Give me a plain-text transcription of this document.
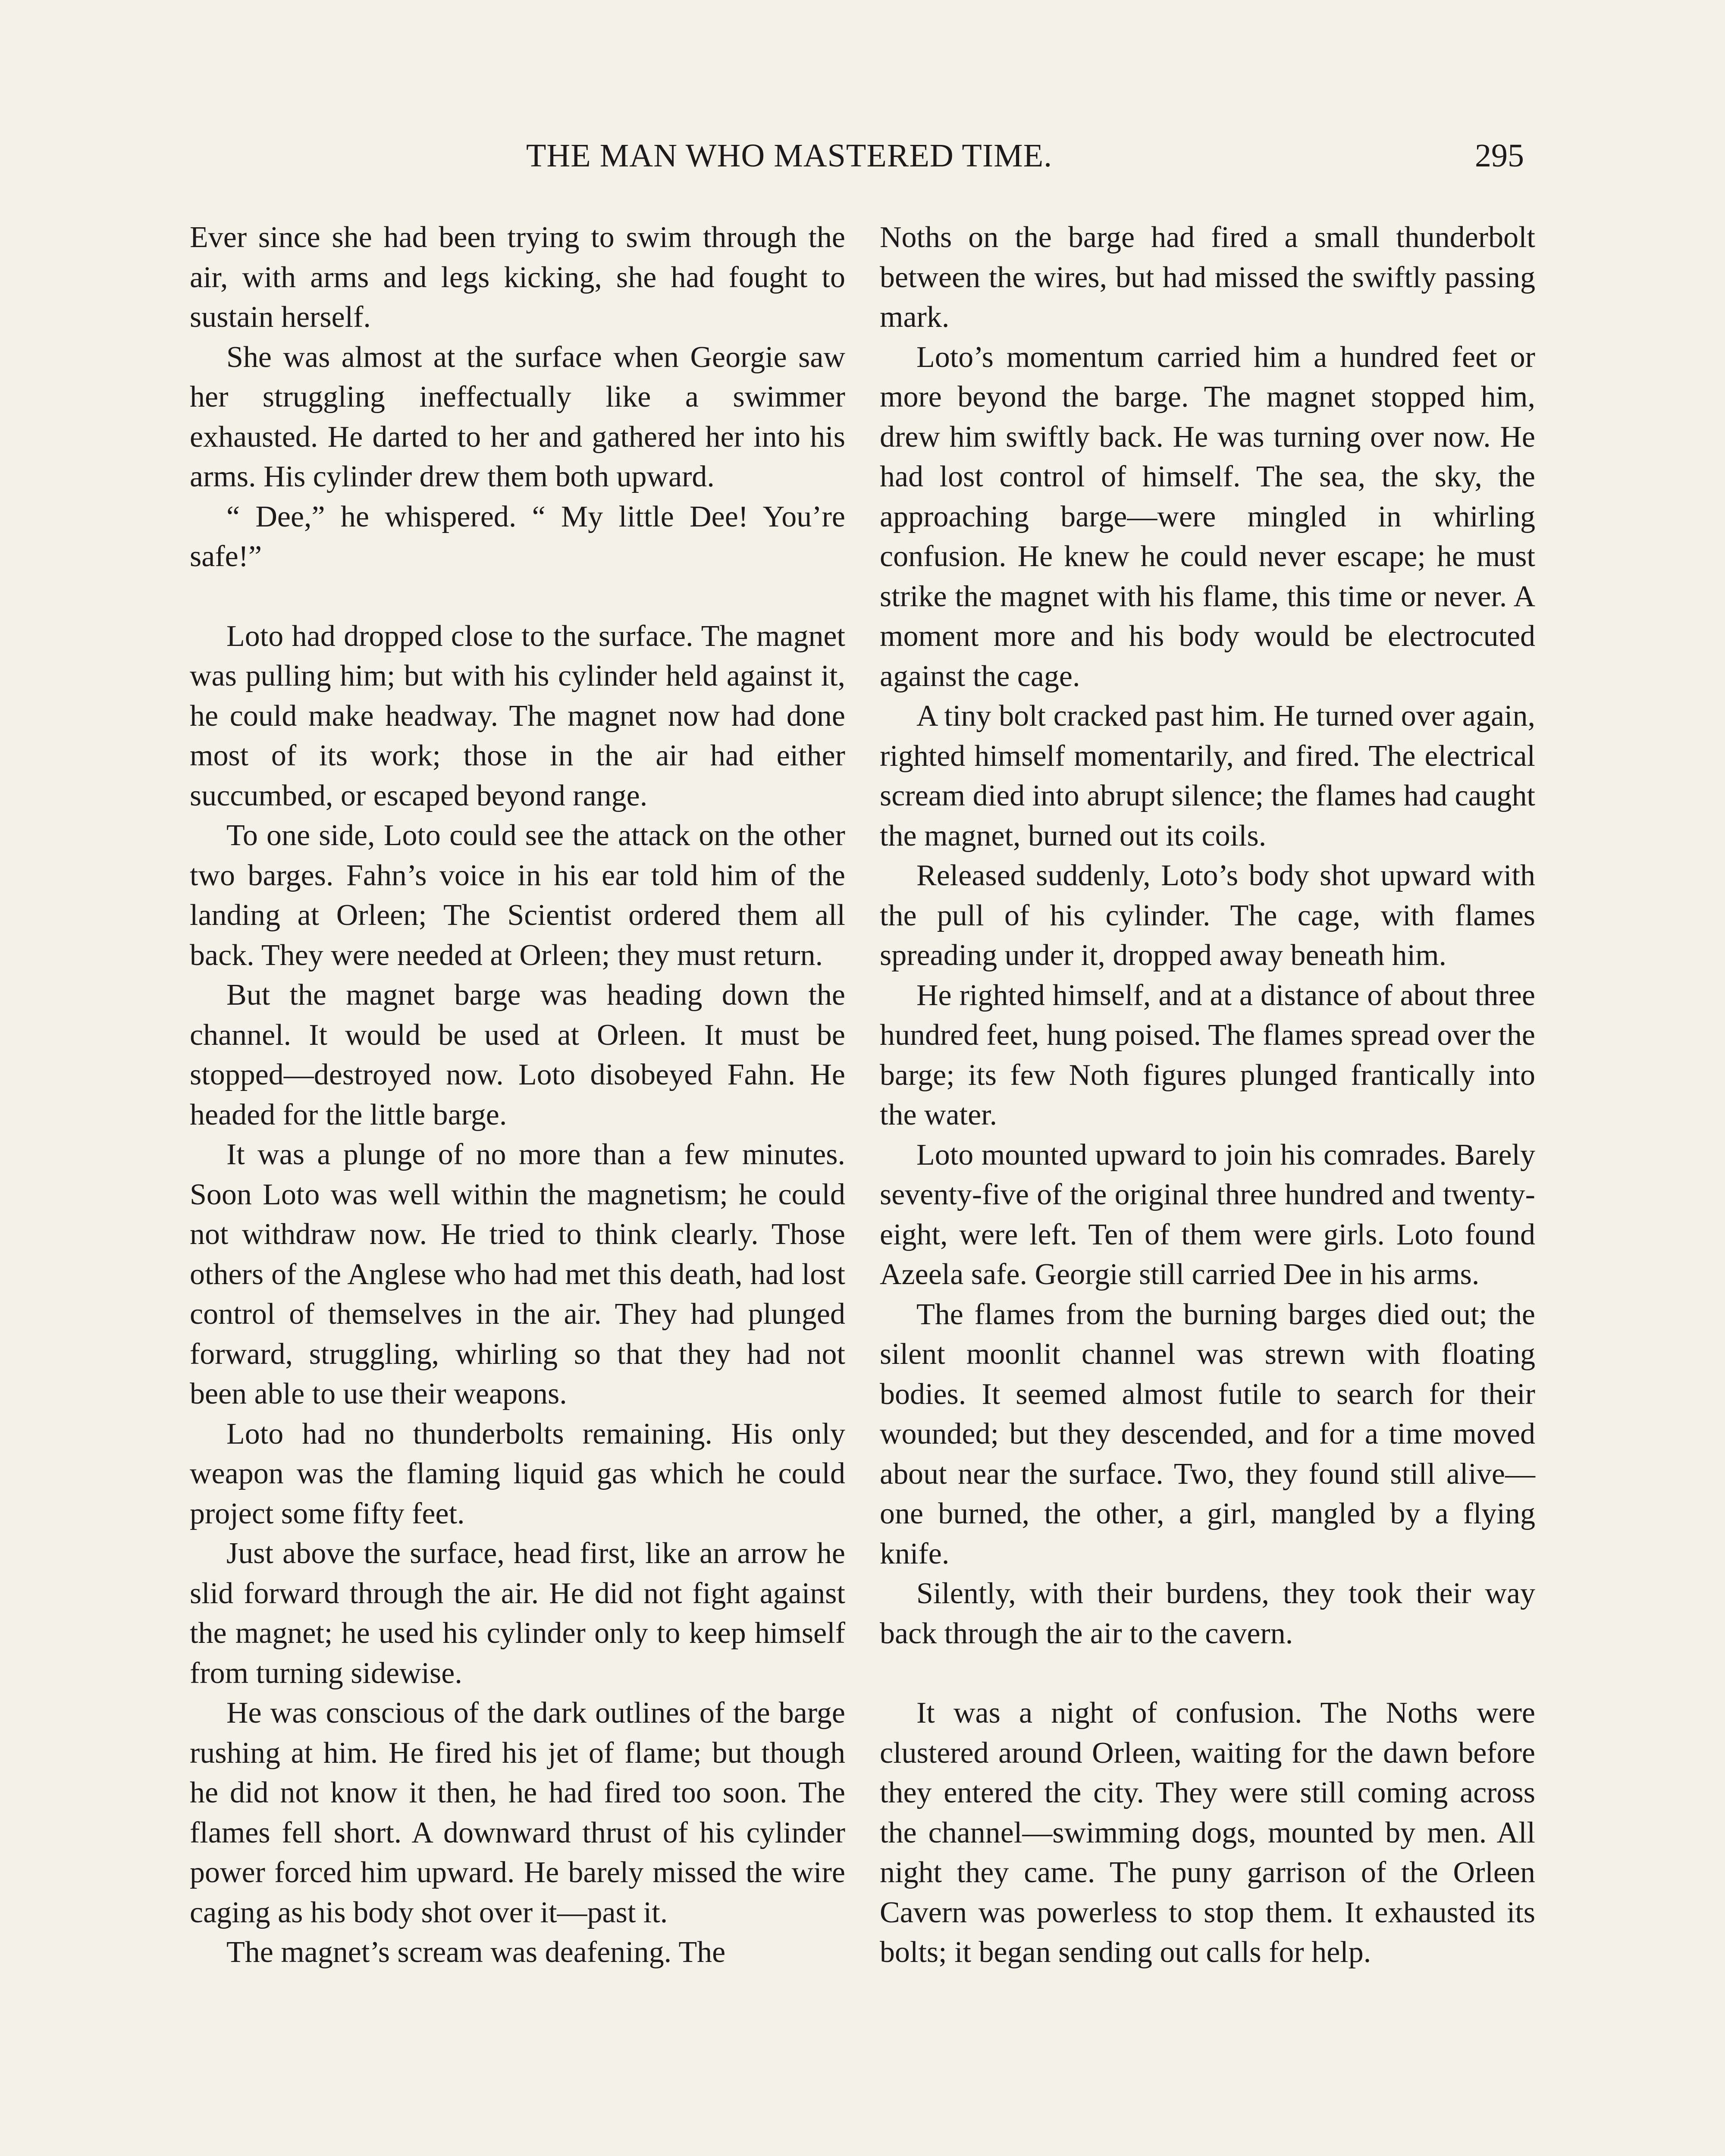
THE MAN WHO MASTERED TIME.	295

Ever since she had been trying to swim through the air, with arms and legs kicking, she had fought to sustain herself.

She was almost at the surface when Georgie saw her struggling ineffectually like a swimmer exhausted. He darted to her and gathered her into his arms. His cylinder drew them both upward.

“ Dee,” he whispered. “ My little Dee! You’re safe!”

Loto had dropped close to the surface. The magnet was pulling him; but with his cylinder held against it, he could make headway. The magnet now had done most of its work; those in the air had either succumbed, or escaped beyond range.

To one side, Loto could see the attack on the other two barges. Fahn’s voice in his ear told him of the landing at Orleen; The Scientist ordered them all back. They were needed at Orleen; they must return.

But the magnet barge was heading down the channel. It would be used at Orleen. It must be stopped—destroyed now. Loto disobeyed Fahn. He headed for the little barge.

It was a plunge of no more than a few minutes. Soon Loto was well within the magnetism; he could not withdraw now. He tried to think clearly. Those others of the Anglese who had met this death, had lost control of themselves in the air. They had plunged forward, struggling, whirling so that they had not been able to use their weapons.

Loto had no thunderbolts remaining. His only weapon was the flaming liquid gas which he could project some fifty feet.

Just above the surface, head first, like an arrow he slid forward through the air. He did not fight against the magnet; he used his cylinder only to keep himself from turning sidewise.

He was conscious of the dark outlines of the barge rushing at him. He fired his jet of flame; but though he did not know it then, he had fired too soon. The flames fell short. A downward thrust of his cylinder power forced him upward. He barely missed the wire caging as his body shot over it—past it.

The magnet’s scream was deafening. The

Noths on the barge had fired a small thunderbolt between the wires, but had missed the swiftly passing mark.

Loto’s momentum carried him a hundred feet or more beyond the barge. The magnet stopped him, drew him swiftly back. He was turning over now. He had lost control of himself. The sea, the sky, the approaching barge—were mingled in whirling confusion. He knew he could never escape; he must strike the magnet with his flame, this time or never. A moment more and his body would be electrocuted against the cage.

A tiny bolt cracked past him. He turned over again, righted himself momentarily, and fired. The electrical scream died into abrupt silence; the flames had caught the magnet, burned out its coils.

Released suddenly, Loto’s body shot upward with the pull of his cylinder. The cage, with flames spreading under it, dropped away beneath him.

He righted himself, and at a distance of about three hundred feet, hung poised. The flames spread over the barge; its few Noth figures plunged frantically into the water.

Loto mounted upward to join his comrades. Barely seventy-five of the original three hundred and twenty-eight, were left. Ten of them were girls. Loto found Azeela safe. Georgie still carried Dee in his arms.

The flames from the burning barges died out; the silent moonlit channel was strewn with floating bodies. It seemed almost futile to search for their wounded; but they descended, and for a time moved about near the surface. Two, they found still alive—one burned, the other, a girl, mangled by a flying knife.

Silently, with their burdens, they took their way back through the air to the cavern.

It was a night of confusion. The Noths were clustered around Orleen, waiting for the dawn before they entered the city. They were still coming across the channel—swimming dogs, mounted by men. All night they came. The puny garrison of the Orleen Cavern was powerless to stop them. It exhausted its bolts; it began sending out calls for help.
